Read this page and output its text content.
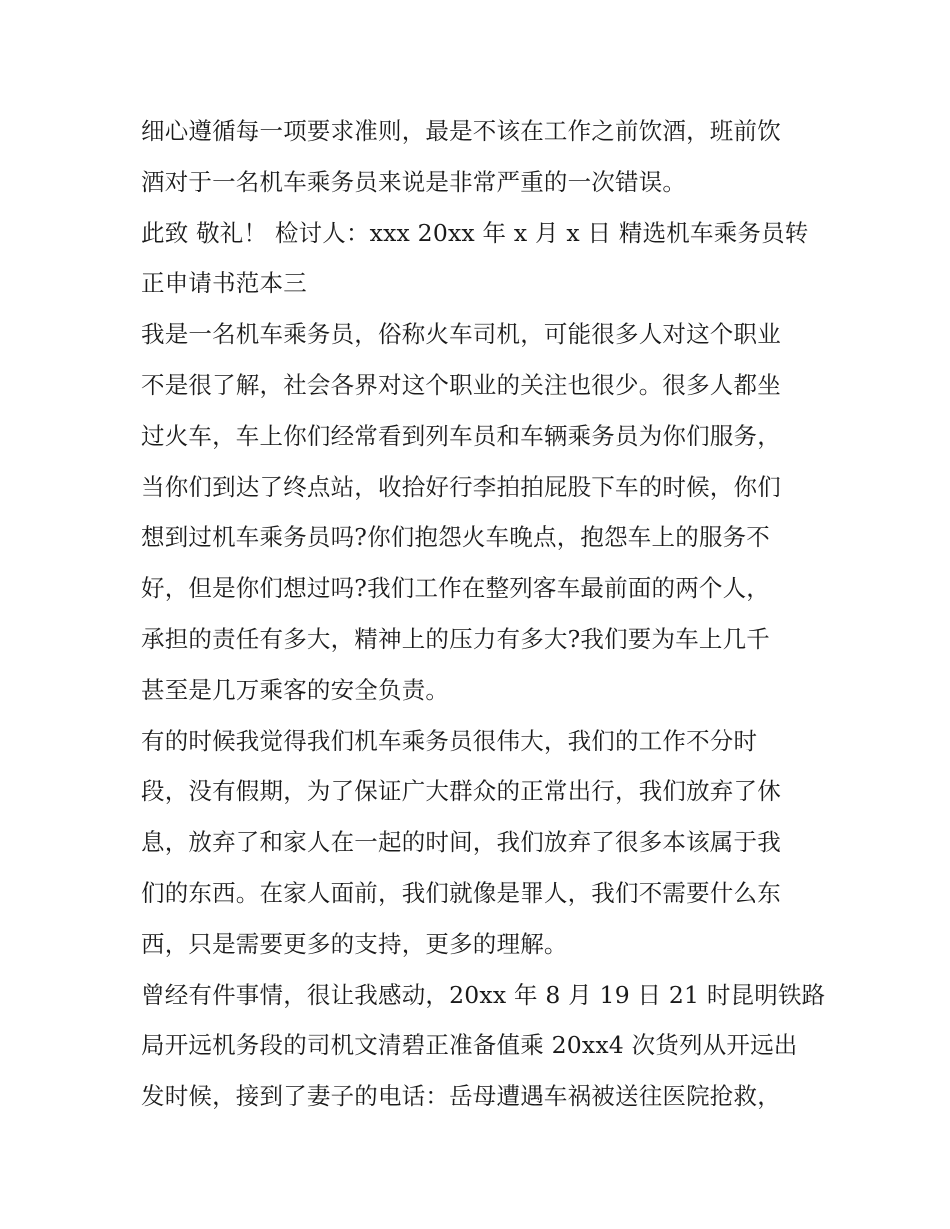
细心遵循每一项要求准则，最是不该在工作之前饮酒，班前饮
酒对于一名机车乘务员来说是非常严重的一次错误。
此致 敬礼！ 检讨人：xxx 20xx 年 x 月 x 日 精选机车乘务员转
正申请书范本三
我是一名机车乘务员，俗称火车司机，可能很多人对这个职业
不是很了解，社会各界对这个职业的关注也很少。很多人都坐
过火车，车上你们经常看到列车员和车辆乘务员为你们服务，
当你们到达了终点站，收拾好行李拍拍屁股下车的时候，你们
想到过机车乘务员吗?你们抱怨火车晚点，抱怨车上的服务不
好，但是你们想过吗?我们工作在整列客车最前面的两个人，
承担的责任有多大，精神上的压力有多大?我们要为车上几千
甚至是几万乘客的安全负责。
有的时候我觉得我们机车乘务员很伟大，我们的工作不分时
段，没有假期，为了保证广大群众的正常出行，我们放弃了休
息，放弃了和家人在一起的时间，我们放弃了很多本该属于我
们的东西。在家人面前，我们就像是罪人，我们不需要什么东
西，只是需要更多的支持，更多的理解。
曾经有件事情，很让我感动，20xx 年 8 月 19 日 21 时昆明铁路
局开远机务段的司机文清碧正准备值乘 20xx4 次货列从开远出
发时候，接到了妻子的电话：岳母遭遇车祸被送往医院抢救，
